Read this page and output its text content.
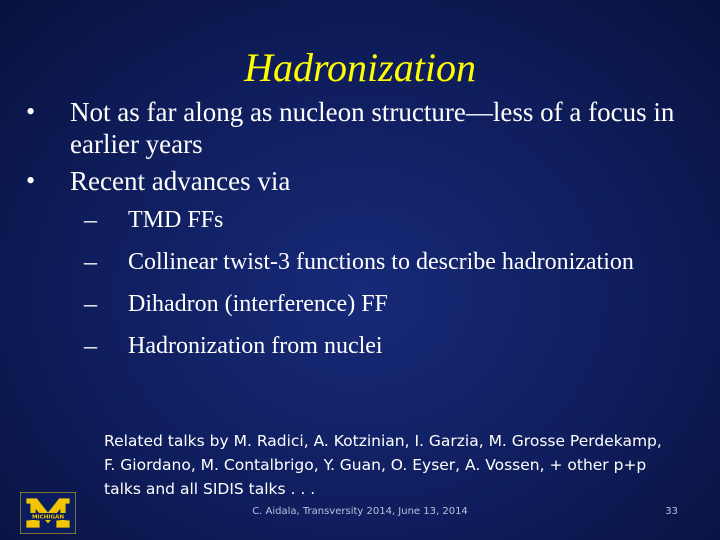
Hadronization
• Not as far along as nucleon structure—less of a focus in earlier years
• Recent advances via
– TMD FFs
– Collinear twist-3 functions to describe hadronization
– Dihadron (interference) FF
– Hadronization from nuclei
Related talks by M. Radici, A. Kotzinian, I. Garzia, M. Grosse Perdekamp, F. Giordano, M. Contalbrigo, Y. Guan, O. Eyser, A. Vossen, + other p+p talks and all SIDIS talks . . .
MICHIGAN
C. Aidala, Transversity 2014, June 13, 2014	33
